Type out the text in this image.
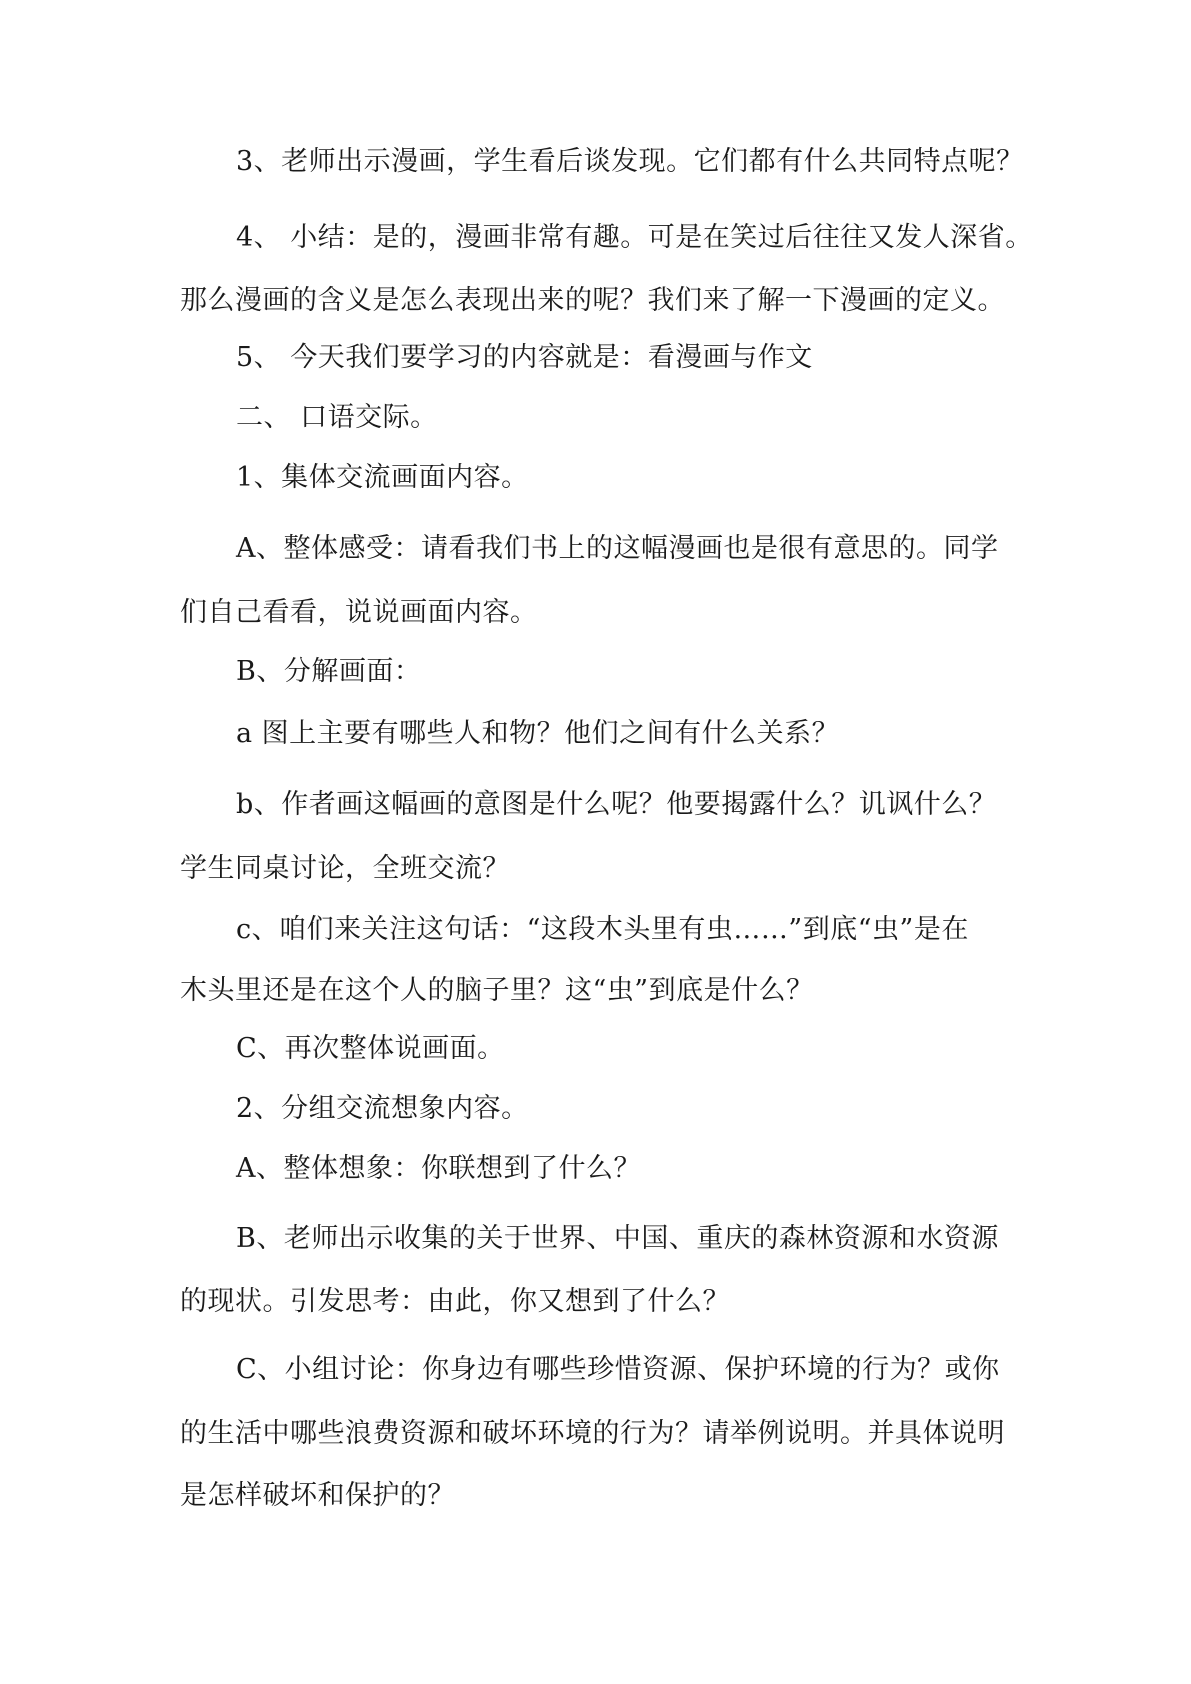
3、老师出示漫画，学生看后谈发现。它们都有什么共同特点呢？
4、 小结：是的，漫画非常有趣。可是在笑过后往往又发人深省。
那么漫画的含义是怎么表现出来的呢？我们来了解一下漫画的定义。
5、 今天我们要学习的内容就是：看漫画与作文
二、 口语交际。
1、集体交流画面内容。
A、整体感受：请看我们书上的这幅漫画也是很有意思的。同学
们自己看看，说说画面内容。
B、分解画面：
a 图上主要有哪些人和物？他们之间有什么关系？
b、作者画这幅画的意图是什么呢？他要揭露什么？讥讽什么？
学生同桌讨论，全班交流？
c、咱们来关注这句话：“这段木头里有虫……”到底“虫”是在
木头里还是在这个人的脑子里？这“虫”到底是什么？
C、再次整体说画面。
2、分组交流想象内容。
A、整体想象：你联想到了什么？
B、老师出示收集的关于世界、中国、重庆的森林资源和水资源
的现状。引发思考：由此，你又想到了什么？
C、小组讨论：你身边有哪些珍惜资源、保护环境的行为？或你
的生活中哪些浪费资源和破坏环境的行为？请举例说明。并具体说明
是怎样破坏和保护的？
